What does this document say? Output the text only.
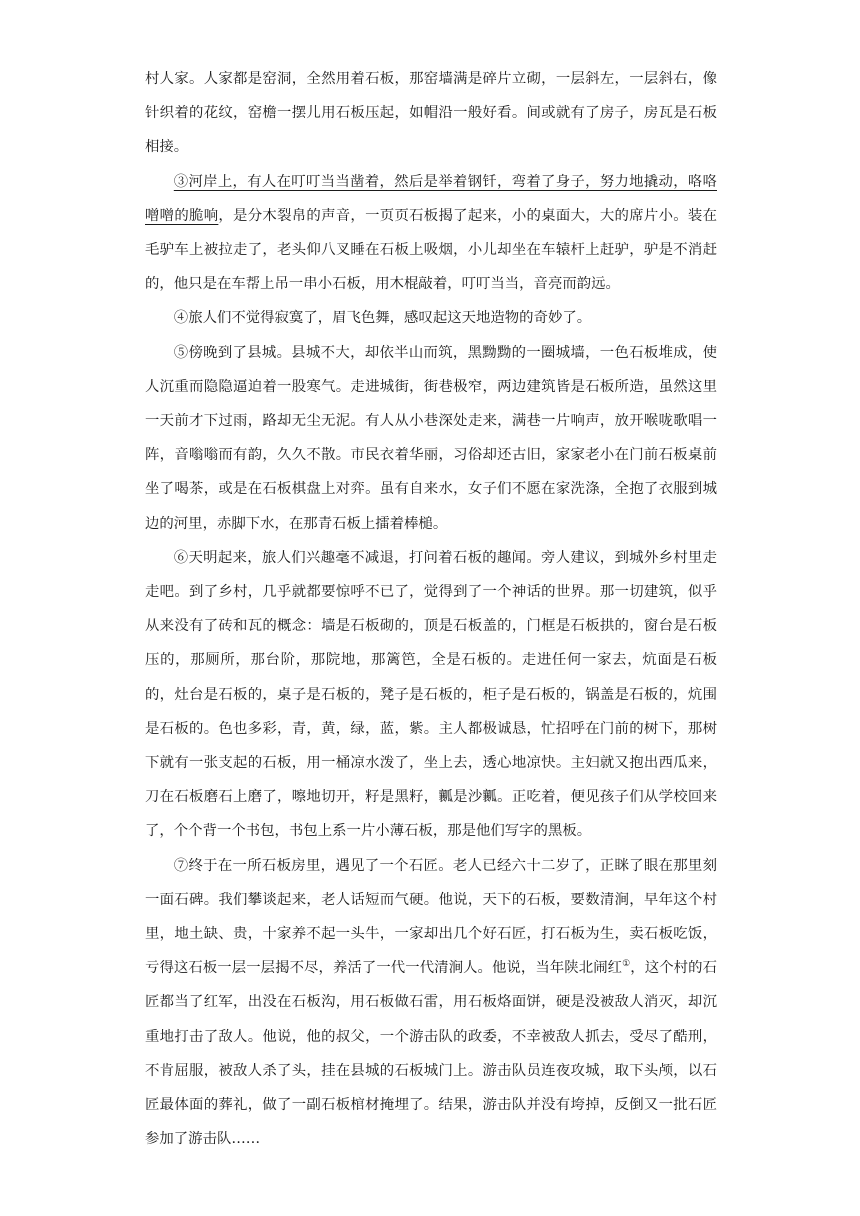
村人家。人家都是窑洞，全然用着石板，那窑墙满是碎片立砌，一层斜左，一层斜右，像针织着的花纹，窑檐一摆儿用石板压起，如帽沿一般好看。间或就有了房子，房瓦是石板相接。

③河岸上，有人在叮叮当当凿着，然后是举着钢钎，弯着了身子，努力地撬动，咯咯噌噌的脆响，是分木裂帛的声音，一页页石板揭了起来，小的桌面大，大的席片小。装在毛驴车上被拉走了，老头仰八叉睡在石板上吸烟，小儿却坐在车辕杆上赶驴，驴是不消赶的，他只是在车帮上吊一串小石板，用木棍敲着，叮叮当当，音亮而韵远。

④旅人们不觉得寂寞了，眉飞色舞，感叹起这天地造物的奇妙了。

⑤傍晚到了县城。县城不大，却依半山而筑，黑黝黝的一圈城墙，一色石板堆成，使人沉重而隐隐逼迫着一股寒气。走进城街，街巷极窄，两边建筑皆是石板所造，虽然这里一天前才下过雨，路却无尘无泥。有人从小巷深处走来，满巷一片响声，放开喉咙歌唱一阵，音嗡嗡而有韵，久久不散。市民衣着华丽，习俗却还古旧，家家老小在门前石板桌前坐了喝茶，或是在石板棋盘上对弈。虽有自来水，女子们不愿在家洗涤，全抱了衣服到城边的河里，赤脚下水，在那青石板上擂着棒槌。

⑥天明起来，旅人们兴趣毫不减退，打问着石板的趣闻。旁人建议，到城外乡村里走走吧。到了乡村，几乎就都要惊呼不已了，觉得到了一个神话的世界。那一切建筑，似乎从来没有了砖和瓦的概念：墙是石板砌的，顶是石板盖的，门框是石板拱的，窗台是石板压的，那厕所，那台阶，那院地，那篱笆，全是石板的。走进任何一家去，炕面是石板的，灶台是石板的，桌子是石板的，凳子是石板的，柜子是石板的，锅盖是石板的，炕围是石板的。色也多彩，青，黄，绿，蓝，紫。主人都极诚恳，忙招呼在门前的树下，那树下就有一张支起的石板，用一桶凉水泼了，坐上去，透心地凉快。主妇就又抱出西瓜来，刀在石板磨石上磨了，嚓地切开，籽是黑籽，瓤是沙瓤。正吃着，便见孩子们从学校回来了，个个背一个书包，书包上系一片小薄石板，那是他们写字的黑板。

⑦终于在一所石板房里，遇见了一个石匠。老人已经六十二岁了，正眯了眼在那里刻一面石碑。我们攀谈起来，老人话短而气硬。他说，天下的石板，要数清涧，早年这个村里，地土缺、贵，十家养不起一头牛，一家却出几个好石匠，打石板为生，卖石板吃饭，亏得这石板一层一层揭不尽，养活了一代一代清涧人。他说，当年陕北闹红①，这个村的石匠都当了红军，出没在石板沟，用石板做石雷，用石板烙面饼，硬是没被敌人消灭，却沉重地打击了敌人。他说，他的叔父，一个游击队的政委，不幸被敌人抓去，受尽了酷刑，不肯屈服，被敌人杀了头，挂在县城的石板城门上。游击队员连夜攻城，取下头颅，以石匠最体面的葬礼，做了一副石板棺材掩埋了。结果，游击队并没有垮掉，反倒又一批石匠参加了游击队……
